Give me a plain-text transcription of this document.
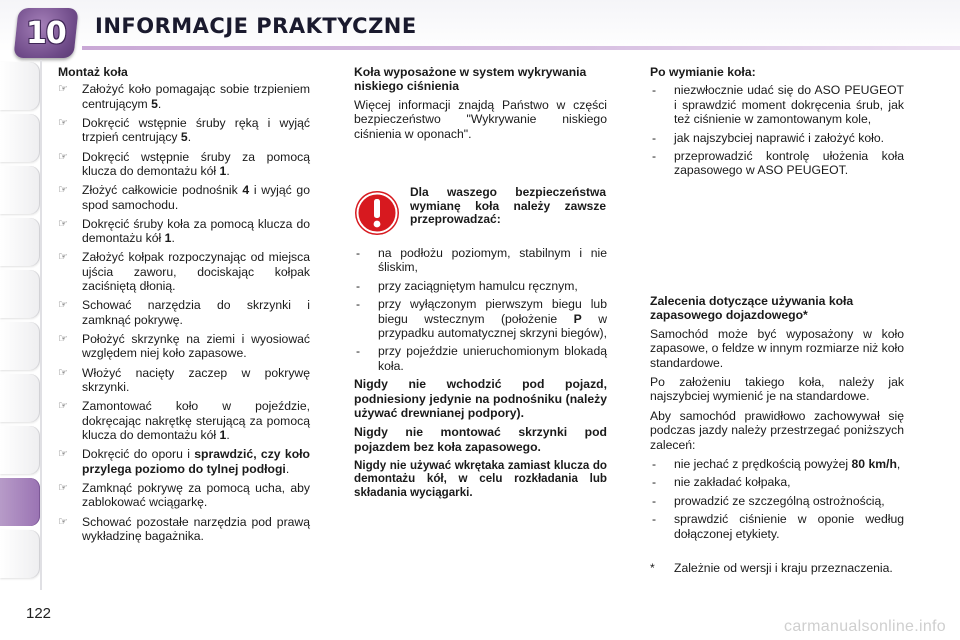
10 INFORMACJE PRAKTYCZNE
Montaż koła
☞	Założyć koło pomagając sobie trzpieniem centrującym 5.
☞	Dokręcić wstępnie śruby ręką i wyjąć trzpień centrujący 5.
☞	Dokręcić wstępnie śruby za pomocą klucza do demontażu kół 1.
☞	Złożyć całkowicie podnośnik 4 i wyjąć go spod samochodu.
☞	Dokręcić śruby koła za pomocą klucza do demontażu kół 1.
☞	Założyć kołpak rozpoczynając od miejsca ujścia zaworu, dociskając kołpak zaciśniętą dłonią.
☞	Schować narzędzia do skrzynki i zamknąć pokrywę.
☞	Położyć skrzynkę na ziemi i wyosiować względem niej koło zapasowe.
☞	Włożyć nacięty zaczep w pokrywę skrzynki.
☞	Zamontować koło w pojeździe, dokręcając nakrętkę sterującą za pomocą klucza do demontażu kół 1.
☞	Dokręcić do oporu i sprawdzić, czy koło przylega poziomo do tylnej podłogi.
☞	Zamknąć pokrywę za pomocą ucha, aby zablokować wciągarkę.
☞	Schować pozostałe narzędzia pod prawą wykładzinę bagażnika.
Koła wyposażone w system wykrywania niskiego ciśnienia

Więcej informacji znajdą Państwo w części bezpieczeństwo "Wykrywanie niskiego ciśnienia w oponach".

Dla waszego bezpieczeństwa wymianę koła należy zawsze przeprowadzać:
- na podłożu poziomym, stabilnym i nie śliskim,
- przy zaciągniętym hamulcu ręcznym,
- przy wyłączonym pierwszym biegu lub biegu wstecznym (położenie P w przypadku automatycznej skrzyni biegów),
- przy pojeździe unieruchomionym blokadą koła.

Nigdy nie wchodzić pod pojazd, podniesiony jedynie na podnośniku (należy używać drewnianej podpory).

Nigdy nie montować skrzynki pod pojazdem bez koła zapasowego.

Nigdy nie używać wkrętaka zamiast klucza do demontażu kół, w celu rozkładania lub składania wyciągarki.

Po wymianie koła:
- niezwłocznie udać się do ASO PEUGEOT i sprawdzić moment dokręcenia śrub, jak też ciśnienie w zamontowanym kole,
- jak najszybciej naprawić i założyć koło.
- przeprowadzić kontrolę ułożenia koła zapasowego w ASO PEUGEOT.
Zalecenia dotyczące używania koła zapasowego dojazdowego*

Samochód może być wyposażony w koło zapasowe, o feldze w innym rozmiarze niż koło standardowe.

Po założeniu takiego koła, należy jak najszybciej wymienić je na standardowe.

Aby samochód prawidłowo zachowywał się podczas jazdy należy przestrzegać poniższych zaleceń:

- nie jechać z prędkością powyżej 80 km/h,
- nie zakładać kołpaka,
- prowadzić ze szczególną ostrożnością,
- sprawdzić ciśnienie w oponie według dołączonej etykiety.
* Zależnie od wersji i kraju przeznaczenia.
122
carmanualsonline.info
